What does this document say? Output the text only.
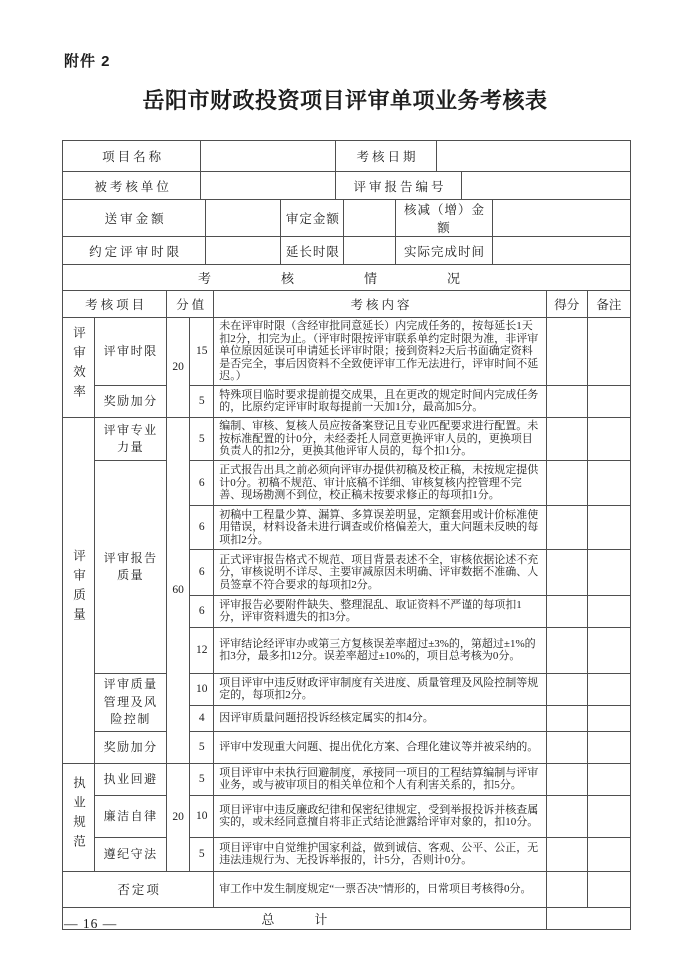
附件 2
岳阳市财政投资项目评审单项业务考核表
项目名称								考核日期							
被考核单位								评审报告编号							
送审金额							审定金额			核减（增）金额					
约定评审时限							延长时限			实际完成时间					
考核情况															
考核项目		分值				考核内容								得分	备注
评审效率	评审时限	20	15			未在评审时限（含经审批同意延长）内完成任务的，按每延长1天扣2分，扣完为止。（评审时限按评审联系单约定时限为准，非评审单位原因延误可申请延长评审时限；接到资料2天后书面确定资料是否完全，事后因资料不全致使评审工作无法进行，评审时间不延迟。）									
	奖励加分		5			特殊项目临时要求提前提交成果，且在更改的规定时间内完成任务的，比原约定评审时取每提前一天加1分，最高加5分。									
评审质量	评审专业力量	60	5			编制、审核、复核人员应按备案登记且专业匹配要求进行配置。未按标准配置的计0分，未经委托人同意更换评审人员的，更换项目负责人的扣2分，更换其他评审人员的，每个扣1分。									
	评审报告质量		6			正式报告出具之前必须向评审办提供初稿及校正稿，未按规定提供计0分。初稿不规范、审计底稿不详细、审核复核内控管理不完善、现场勘测不到位，校正稿未按要求修正的每项扣1分。									
			6			初稿中工程量少算、漏算、多算误差明显，定额套用或计价标准使用错误，材料设备未进行调查或价格偏差大，重大问题未反映的每项扣2分。									
			6			正式评审报告格式不规范、项目背景表述不全，审核依据论述不充分，审核说明不详尽、主要审减原因未明确、评审数据不准确、人员签章不符合要求的每项扣2分。									
			6			评审报告必要附件缺失、整理混乱、取证资料不严谨的每项扣1分，评审资料遗失的扣3分。									
			12			评审结论经评审办或第三方复核误差率超过±3%的，第超过±1%的扣3分，最多扣12分。误差率超过±10%的，项目总考核为0分。									
	评审质量管理及风险控制		10			项目评审中违反财政评审制度有关进度、质量管理及风险控制等规定的，每项扣2分。									
			4			因评审质量问题招投诉经核定属实的扣4分。									
	奖励加分		5			评审中发现重大问题、提出优化方案、合理化建议等并被采纳的。									
执业规范	执业回避	20	5			项目评审中未执行回避制度，承接同一项目的工程结算编制与评审业务，或与被审项目的相关单位和个人有利害关系的，扣5分。									
	廉洁自律		10			项目评审中违反廉政纪律和保密纪律规定，受到举报投诉并核查属实的，或未经同意擅自将非正式结论泄露给评审对象的，扣10分。									
	遵纪守法		5			项目评审中自觉维护国家利益，做到诚信、客观、公平、公正，无违法违规行为、无投诉举报的，计5分，否则计0分。									
否定项						审工作中发生制度规定“一票否决”情形的，日常项目考核得0分。									
总计															
— 16 —
